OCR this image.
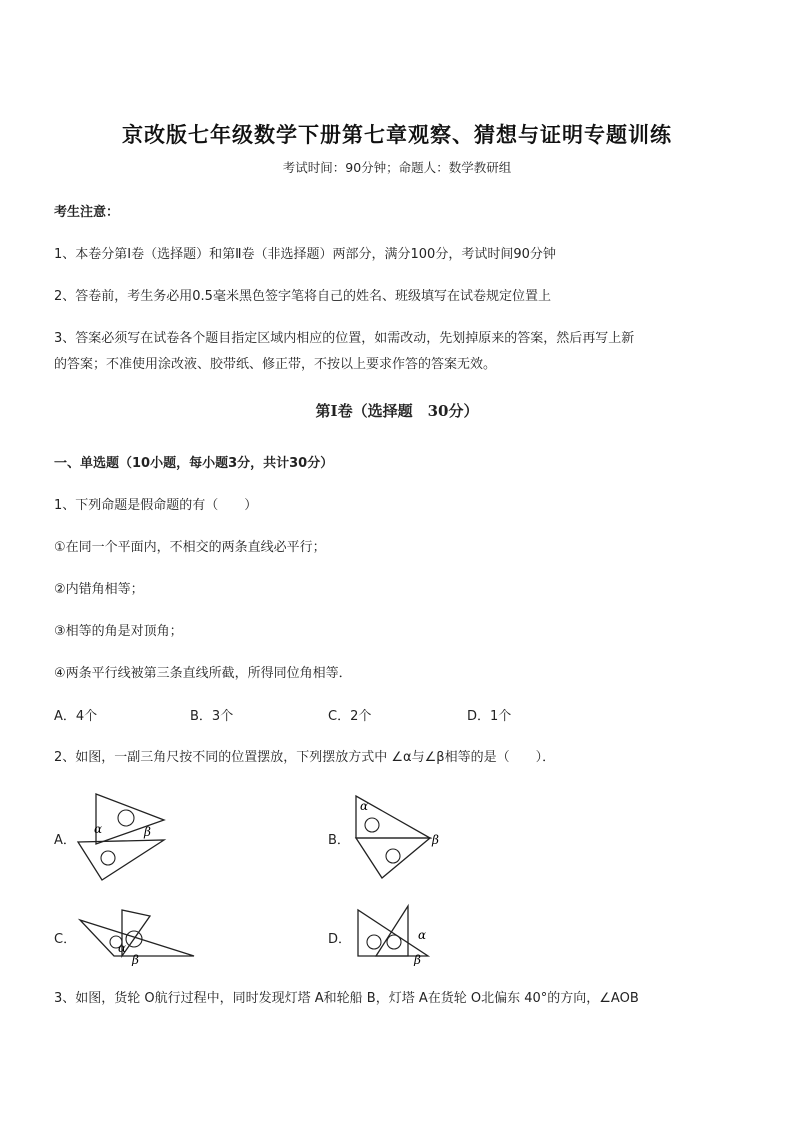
京改版七年级数学下册第七章观察、猜想与证明专题训练
考试时间：90分钟；命题人：数学教研组
考生注意：
1、本卷分第Ⅰ卷（选择题）和第Ⅱ卷（非选择题）两部分，满分100分，考试时间90分钟
2、答卷前，考生务必用0.5毫米黑色签字笔将自己的姓名、班级填写在试卷规定位置上
3、答案必须写在试卷各个题目指定区域内相应的位置，如需改动，先划掉原来的答案，然后再写上新
的答案；不准使用涂改液、胶带纸、修正带，不按以上要求作答的答案无效。
第Ⅰ卷（选择题　30分）
一、单选题（10小题，每小题3分，共计30分）
1、下列命题是假命题的有（　　）
①在同一个平面内，不相交的两条直线必平行；
②内错角相等；
③相等的角是对顶角；
④两条平行线被第三条直线所截，所得同位角相等．
A．4个	B．3个	C．2个	D．1个
2、如图，一副三角尺按不同的位置摆放，下列摆放方式中 ∠α与∠β相等的是（　　）．
A．
α	β
B．
α
β
C．
α
β
D．	α
β
3、如图，货轮 O航行过程中，同时发现灯塔 A和轮船 B，灯塔 A在货轮 O北偏东 40°的方向，∠AOB
